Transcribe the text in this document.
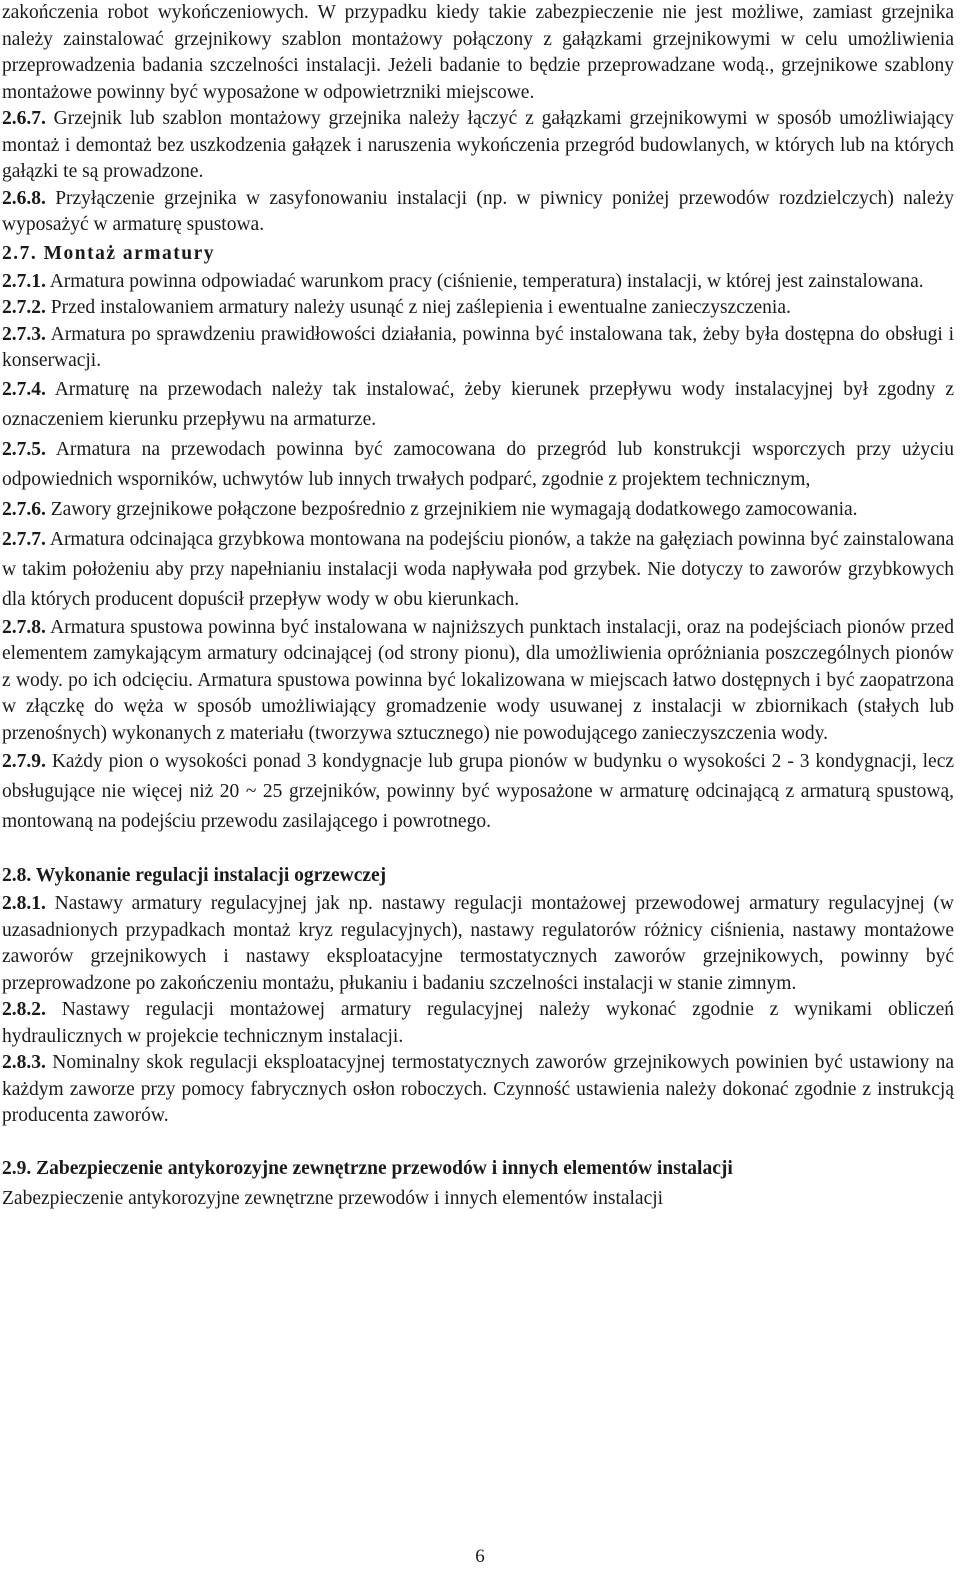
zakończenia robot wykończeniowych. W przypadku kiedy takie zabezpieczenie nie jest możliwe, zamiast grzejnika należy zainstalować grzejnikowy szablon montażowy połączony z gałązkami grzejnikowymi w celu umożliwienia przeprowadzenia badania szczelności instalacji. Jeżeli badanie to będzie przeprowadzane wodą., grzejnikowe szablony montażowe powinny być wyposażone w odpowietrzniki miejscowe.

2.6.7. Grzejnik lub szablon montażowy grzejnika należy łączyć z gałązkami grzejnikowymi w sposób umożliwiający montaż i demontaż bez uszkodzenia gałązek i naruszenia wykończenia przegród budowlanych, w których lub na których gałązki te są prowadzone.

2.6.8. Przyłączenie grzejnika w zasyfonowaniu instalacji (np. w piwnicy poniżej przewodów rozdzielczych) należy wyposażyć w armaturę spustowa.

2.7. Montaż armatury

2.7.1. Armatura powinna odpowiadać warunkom pracy (ciśnienie, temperatura) instalacji, w której jest zainstalowana.

2.7.2. Przed instalowaniem armatury należy usunąć z niej zaślepienia i ewentualne zanieczyszczenia.

2.7.3. Armatura po sprawdzeniu prawidłowości działania, powinna być instalowana tak, żeby była dostępna do obsługi i konserwacji.

2.7.4. Armaturę na przewodach należy tak instalować, żeby kierunek przepływu wody instalacyjnej był zgodny z oznaczeniem kierunku przepływu na armaturze.

2.7.5. Armatura na przewodach powinna być zamocowana do przegród lub konstrukcji wsporczych przy użyciu odpowiednich wsporników, uchwytów lub innych trwałych podparć, zgodnie z projektem technicznym,

2.7.6. Zawory grzejnikowe połączone bezpośrednio z grzejnikiem nie wymagają dodatkowego zamocowania.

2.7.7. Armatura odcinająca grzybkowa montowana na podejściu pionów, a także na gałęziach powinna być zainstalowana w takim położeniu aby przy napełnianiu instalacji woda napływała pod grzybek. Nie dotyczy to zaworów grzybkowych dla których producent dopuścił przepływ wody w obu kierunkach.

2.7.8. Armatura spustowa powinna być instalowana w najniższych punktach instalacji, oraz na podejściach pionów przed elementem zamykającym armatury odcinającej (od strony pionu), dla umożliwienia opróżniania poszczególnych pionów z wody. po ich odcięciu. Armatura spustowa powinna być lokalizowana w miejscach łatwo dostępnych i być zaopatrzona w złączkę do węża w sposób umożliwiający gromadzenie wody usuwanej z instalacji w zbiornikach (stałych lub przenośnych) wykonanych z materiału (tworzywa sztucznego) nie powodującego zanieczyszczenia wody.

2.7.9. Każdy pion o wysokości ponad 3 kondygnacje lub grupa pionów w budynku o wysokości 2 - 3 kondygnacji, lecz obsługujące nie więcej niż 20 ~ 25 grzejników, powinny być wyposażone w armaturę odcinającą z armaturą spustową, montowaną na podejściu przewodu zasilającego i powrotnego.

2.8. Wykonanie regulacji instalacji ogrzewczej

2.8.1. Nastawy armatury regulacyjnej jak np. nastawy regulacji montażowej przewodowej armatury regulacyjnej (w uzasadnionych przypadkach montaż kryz regulacyjnych), nastawy regulatorów różnicy ciśnienia, nastawy montażowe zaworów grzejnikowych i nastawy eksploatacyjne termostatycznych zaworów grzejnikowych, powinny być przeprowadzone po zakończeniu montażu, płukaniu i badaniu szczelności instalacji w stanie zimnym.

2.8.2. Nastawy regulacji montażowej armatury regulacyjnej należy wykonać zgodnie z wynikami obliczeń hydraulicznych w projekcie technicznym instalacji.

2.8.3. Nominalny skok regulacji eksploatacyjnej termostatycznych zaworów grzejnikowych powinien być ustawiony na każdym zaworze przy pomocy fabrycznych osłon roboczych. Czynność ustawienia należy dokonać zgodnie z instrukcją producenta zaworów.

2.9. Zabezpieczenie antykorozyjne zewnętrzne przewodów i innych elementów instalacji

Zabezpieczenie antykorozyjne zewnętrzne przewodów i innych elementów instalacji

6
